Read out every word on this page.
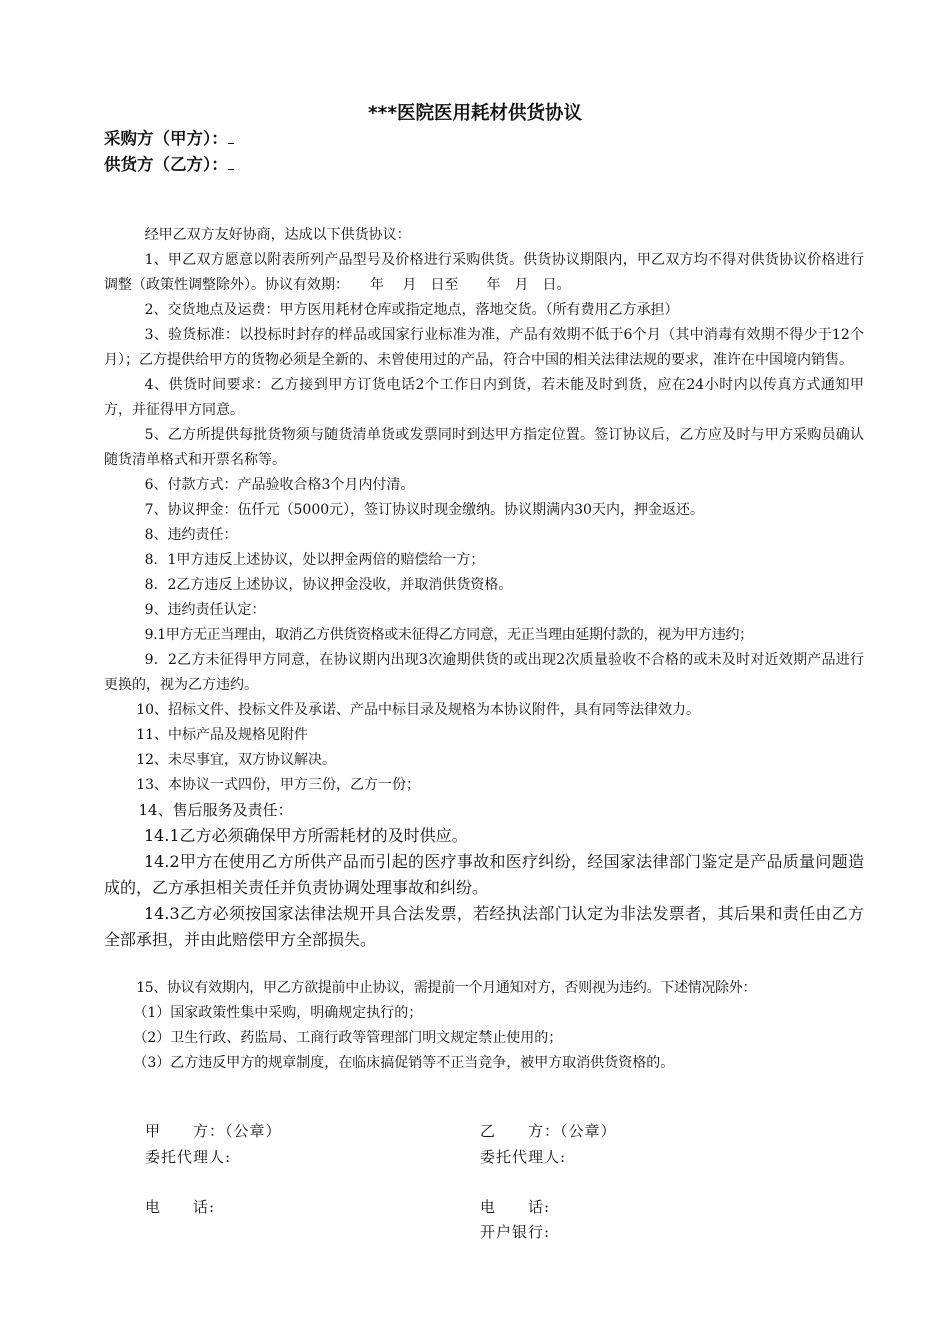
***医院医用耗材供货协议
采购方（甲方）：
供货方（乙方）：

经甲乙双方友好协商，达成以下供货协议：

1、甲乙双方愿意以附表所列产品型号及价格进行采购供货。供货协议期限内，甲乙双方均不得对供货协议价格进行调整（政策性调整除外）。协议有效期：　　年　 月　日至　　年　月　日。

2、交货地点及运费：甲方医用耗材仓库或指定地点，落地交货。（所有费用乙方承担）

3、验货标准：以投标时封存的样品或国家行业标准为准，产品有效期不低于6个月（其中消毒有效期不得少于12个月）；乙方提供给甲方的货物必须是全新的、未曾使用过的产品，符合中国的相关法律法规的要求，准许在中国境内销售。

4、供货时间要求：乙方接到甲方订货电话2个工作日内到货，若未能及时到货，应在24小时内以传真方式通知甲方，并征得甲方同意。

5、乙方所提供每批货物须与随货清单货或发票同时到达甲方指定位置。签订协议后，乙方应及时与甲方采购员确认随货清单格式和开票名称等。

6、付款方式：产品验收合格3个月内付清。

7、协议押金：伍仟元（5000元），签订协议时现金缴纳。协议期满内30天内，押金返还。

8、违约责任：

8．1甲方违反上述协议，处以押金两倍的赔偿给一方；

8．2乙方违反上述协议，协议押金没收，并取消供货资格。

9、违约责任认定：

9.1甲方无正当理由，取消乙方供货资格或未征得乙方同意，无正当理由延期付款的，视为甲方违约；

9．2乙方未征得甲方同意，在协议期内出现3次逾期供货的或出现2次质量验收不合格的或未及时对近效期产品进行更换的，视为乙方违约。

10、招标文件、投标文件及承诺、产品中标目录及规格为本协议附件，具有同等法律效力。

11、中标产品及规格见附件

12、未尽事宜，双方协议解决。

13、本协议一式四份，甲方三份，乙方一份；

14、售后服务及责任：

14.1乙方必须确保甲方所需耗材的及时供应。

14.2甲方在使用乙方所供产品而引起的医疗事故和医疗纠纷，经国家法律部门鉴定是产品质量问题造成的，乙方承担相关责任并负责协调处理事故和纠纷。

14.3乙方必须按国家法律法规开具合法发票，若经执法部门认定为非法发票者，其后果和责任由乙方全部承担，并由此赔偿甲方全部损失。

15、协议有效期内，甲乙方欲提前中止协议，需提前一个月通知对方，否则视为违约。下述情况除外：

（1）国家政策性集中采购，明确规定执行的；

（2）卫生行政、药监局、工商行政等管理部门明文规定禁止使用的；

（3）乙方违反甲方的规章制度，在临床搞促销等不正当竞争，被甲方取消供货资格的。

甲　　方：（公章）
委托代理人:
电　　话:
乙　　方：（公章）
委托代理人:
电　　话:
开户银行:
